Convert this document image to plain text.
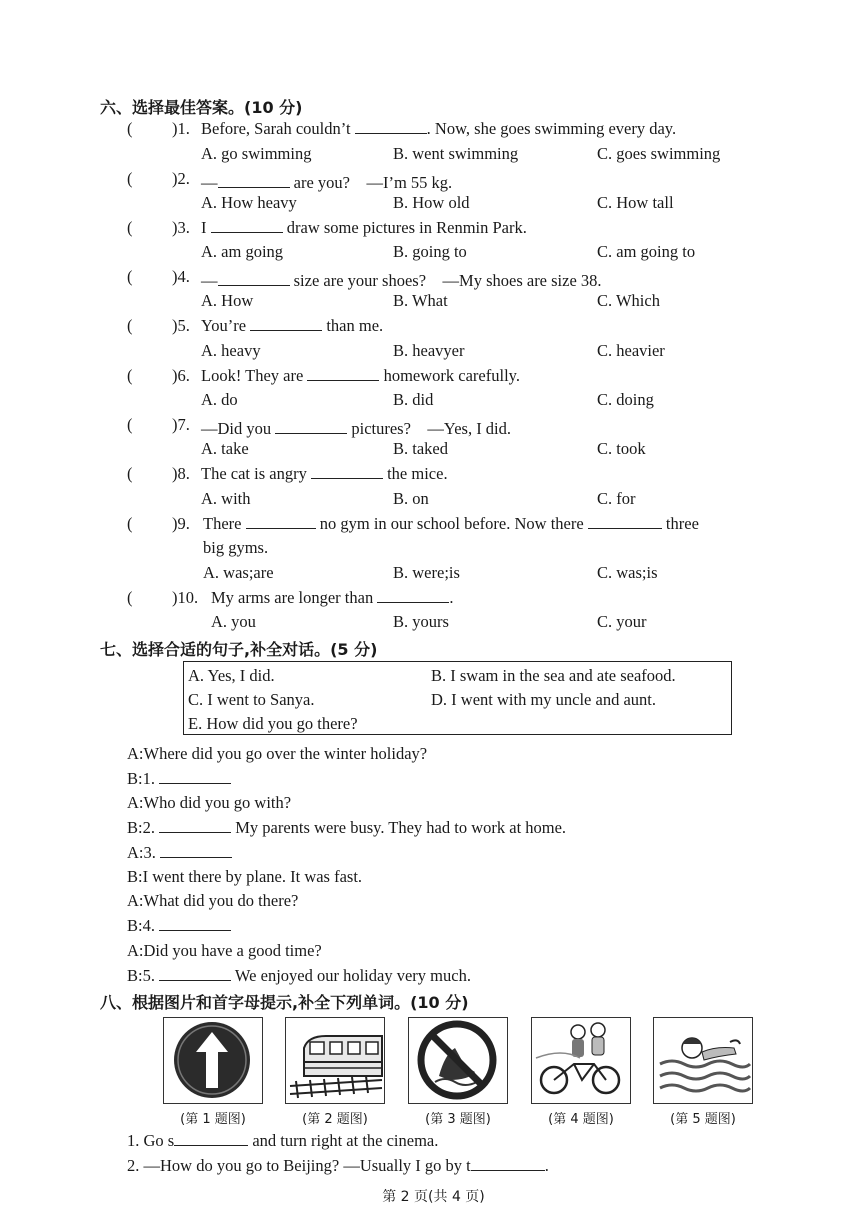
六、选择最佳答案。(10 分)
( )1. Before, Sarah couldn’t	. Now, she goes swimming every day.
A. go swimming	B. went swimming	C. goes swimming
( )2. —	are you?　—I’m 55 kg.
A. How heavy	B. How old	C. How tall
( )3. I	draw some pictures in Renmin Park.
A. am going	B. going to	C. am going to
( )4. —	size are your shoes?　—My shoes are size 38.
A. How	B. What	C. Which
( )5. You’re	than me.
A. heavy	B. heavyer	C. heavier
( )6. Look! They are	homework carefully.
A. do	B. did	C. doing
( )7. —Did you	pictures?　—Yes, I did.
A. take	B. taked	C. took
( )8. The cat is angry	the mice.
A. with	B. on	C. for
( )9. There	no gym in our school before. Now there	three
big gyms.
A. was;are	B. were;is	C. was;is
( )10. My arms are longer than	.
A. you	B. yours	C. your
七、选择合适的句子,补全对话。(5 分)
A. Yes, I did.	B. I swam in the sea and ate seafood.
C. I went to Sanya.	D. I went with my uncle and aunt.
E. How did you go there?
A:Where did you go over the winter holiday?
B:1.
A:Who did you go with?
B:2.	My parents were busy. They had to work at home.
A:3.
B:I went there by plane. It was fast.
A:What did you do there?
B:4.
A:Did you have a good time?
B:5.	We enjoyed our holiday very much.
八、根据图片和首字母提示,补全下列单词。(10 分)
(第 1 题图)	(第 2 题图)	(第 3 题图)	(第 4 题图)	(第 5 题图)
1. Go s	and turn right at the cinema.
2. —How do you go to Beijing? —Usually I go by t	.
第 2 页(共 4 页)
